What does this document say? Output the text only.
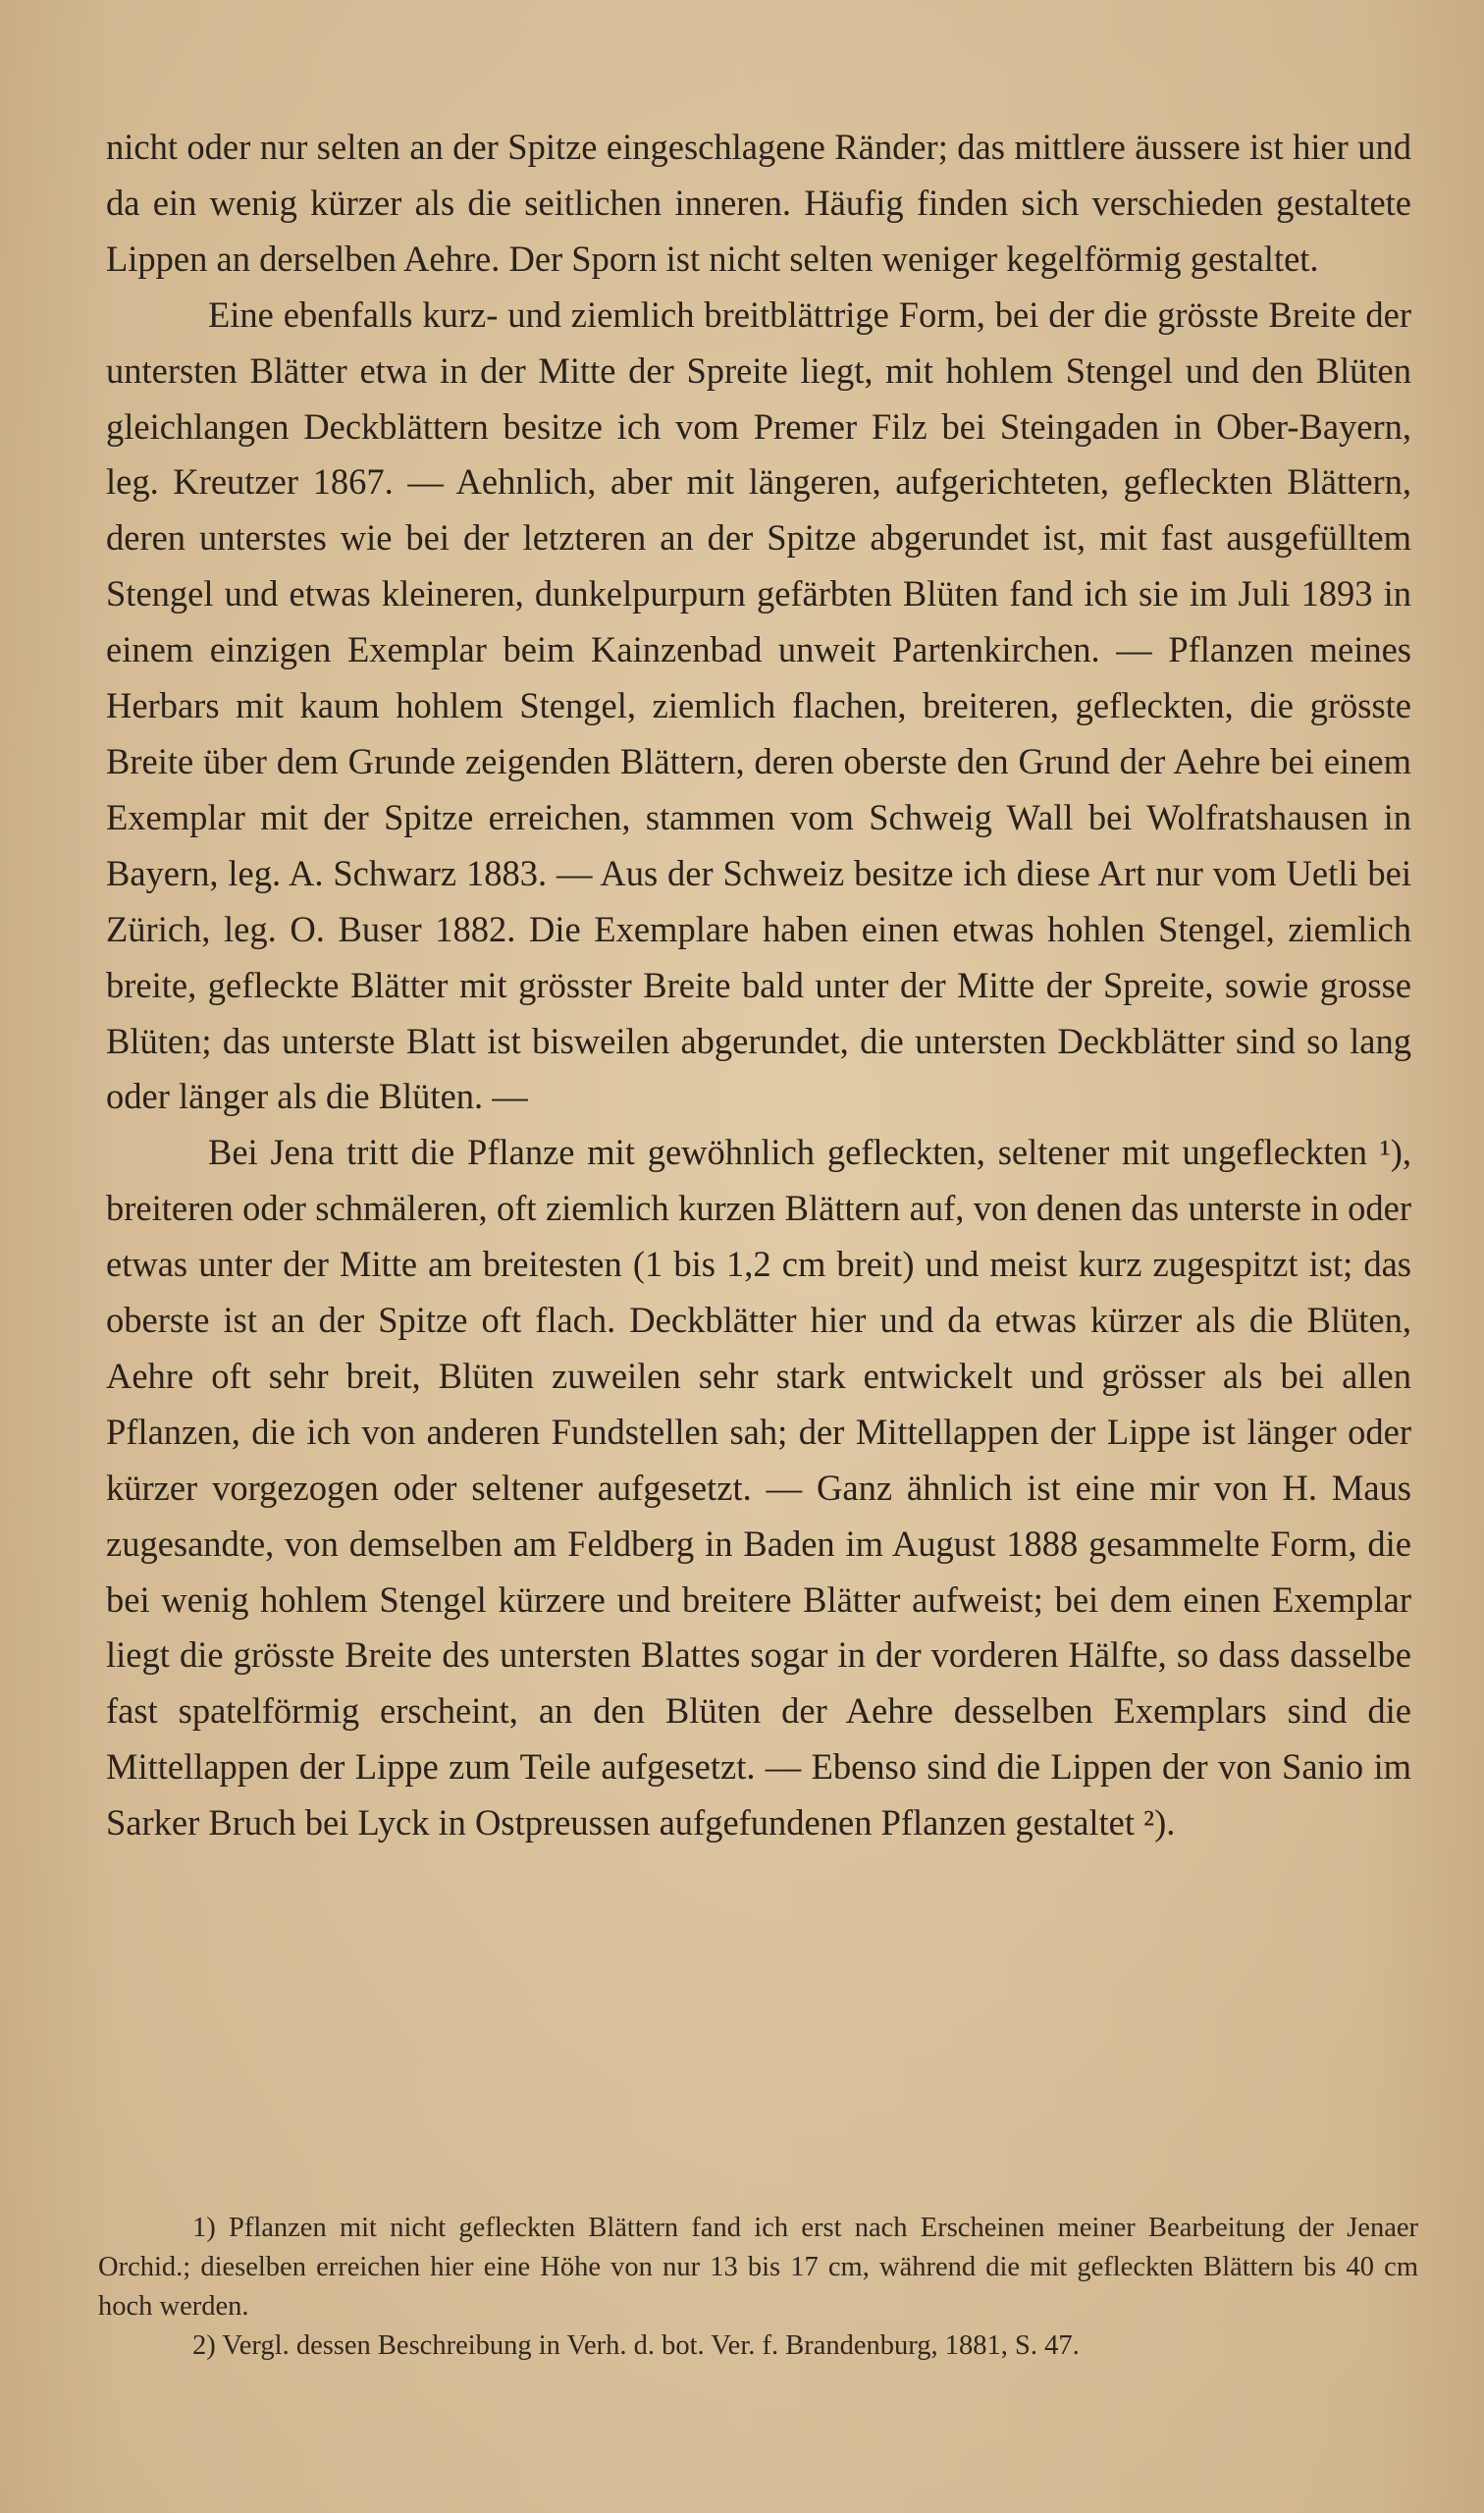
nicht oder nur selten an der Spitze eingeschlagene Ränder; das mittlere äussere ist hier und da ein wenig kürzer als die seitlichen inneren. Häufig finden sich verschieden gestaltete Lippen an derselben Aehre. Der Sporn ist nicht selten weniger kegelförmig gestaltet.

Eine ebenfalls kurz- und ziemlich breitblättrige Form, bei der die grösste Breite der untersten Blätter etwa in der Mitte der Spreite liegt, mit hohlem Stengel und den Blüten gleichlangen Deckblättern besitze ich vom Premer Filz bei Steingaden in Ober-Bayern, leg. Kreutzer 1867. — Aehnlich, aber mit längeren, aufgerichteten, gefleckten Blättern, deren unterstes wie bei der letzteren an der Spitze abgerundet ist, mit fast ausgefülltem Stengel und etwas kleineren, dunkelpurpurn gefärbten Blüten fand ich sie im Juli 1893 in einem einzigen Exemplar beim Kainzenbad unweit Partenkirchen. — Pflanzen meines Herbars mit kaum hohlem Stengel, ziemlich flachen, breiteren, gefleckten, die grösste Breite über dem Grunde zeigenden Blättern, deren oberste den Grund der Aehre bei einem Exemplar mit der Spitze erreichen, stammen vom Schweig Wall bei Wolfratshausen in Bayern, leg. A. Schwarz 1883. — Aus der Schweiz besitze ich diese Art nur vom Uetli bei Zürich, leg. O. Buser 1882. Die Exemplare haben einen etwas hohlen Stengel, ziemlich breite, gefleckte Blätter mit grösster Breite bald unter der Mitte der Spreite, sowie grosse Blüten; das unterste Blatt ist bisweilen abgerundet, die untersten Deckblätter sind so lang oder länger als die Blüten. —

Bei Jena tritt die Pflanze mit gewöhnlich gefleckten, seltener mit ungefleckten ¹), breiteren oder schmäleren, oft ziemlich kurzen Blättern auf, von denen das unterste in oder etwas unter der Mitte am breitesten (1 bis 1,2 cm breit) und meist kurz zugespitzt ist; das oberste ist an der Spitze oft flach. Deckblätter hier und da etwas kürzer als die Blüten, Aehre oft sehr breit, Blüten zuweilen sehr stark entwickelt und grösser als bei allen Pflanzen, die ich von anderen Fundstellen sah; der Mittellappen der Lippe ist länger oder kürzer vorgezogen oder seltener aufgesetzt. — Ganz ähnlich ist eine mir von H. Maus zugesandte, von demselben am Feldberg in Baden im August 1888 gesammelte Form, die bei wenig hohlem Stengel kürzere und breitere Blätter aufweist; bei dem einen Exemplar liegt die grösste Breite des untersten Blattes sogar in der vorderen Hälfte, so dass dasselbe fast spatelförmig erscheint, an den Blüten der Aehre desselben Exemplars sind die Mittellappen der Lippe zum Teile aufgesetzt. — Ebenso sind die Lippen der von Sanio im Sarker Bruch bei Lyck in Ostpreussen aufgefundenen Pflanzen gestaltet ²).

1) Pflanzen mit nicht gefleckten Blättern fand ich erst nach Erscheinen meiner Bearbeitung der Jenaer Orchid.; dieselben erreichen hier eine Höhe von nur 13 bis 17 cm, während die mit gefleckten Blättern bis 40 cm hoch werden.

2) Vergl. dessen Beschreibung in Verh. d. bot. Ver. f. Brandenburg, 1881, S. 47.
